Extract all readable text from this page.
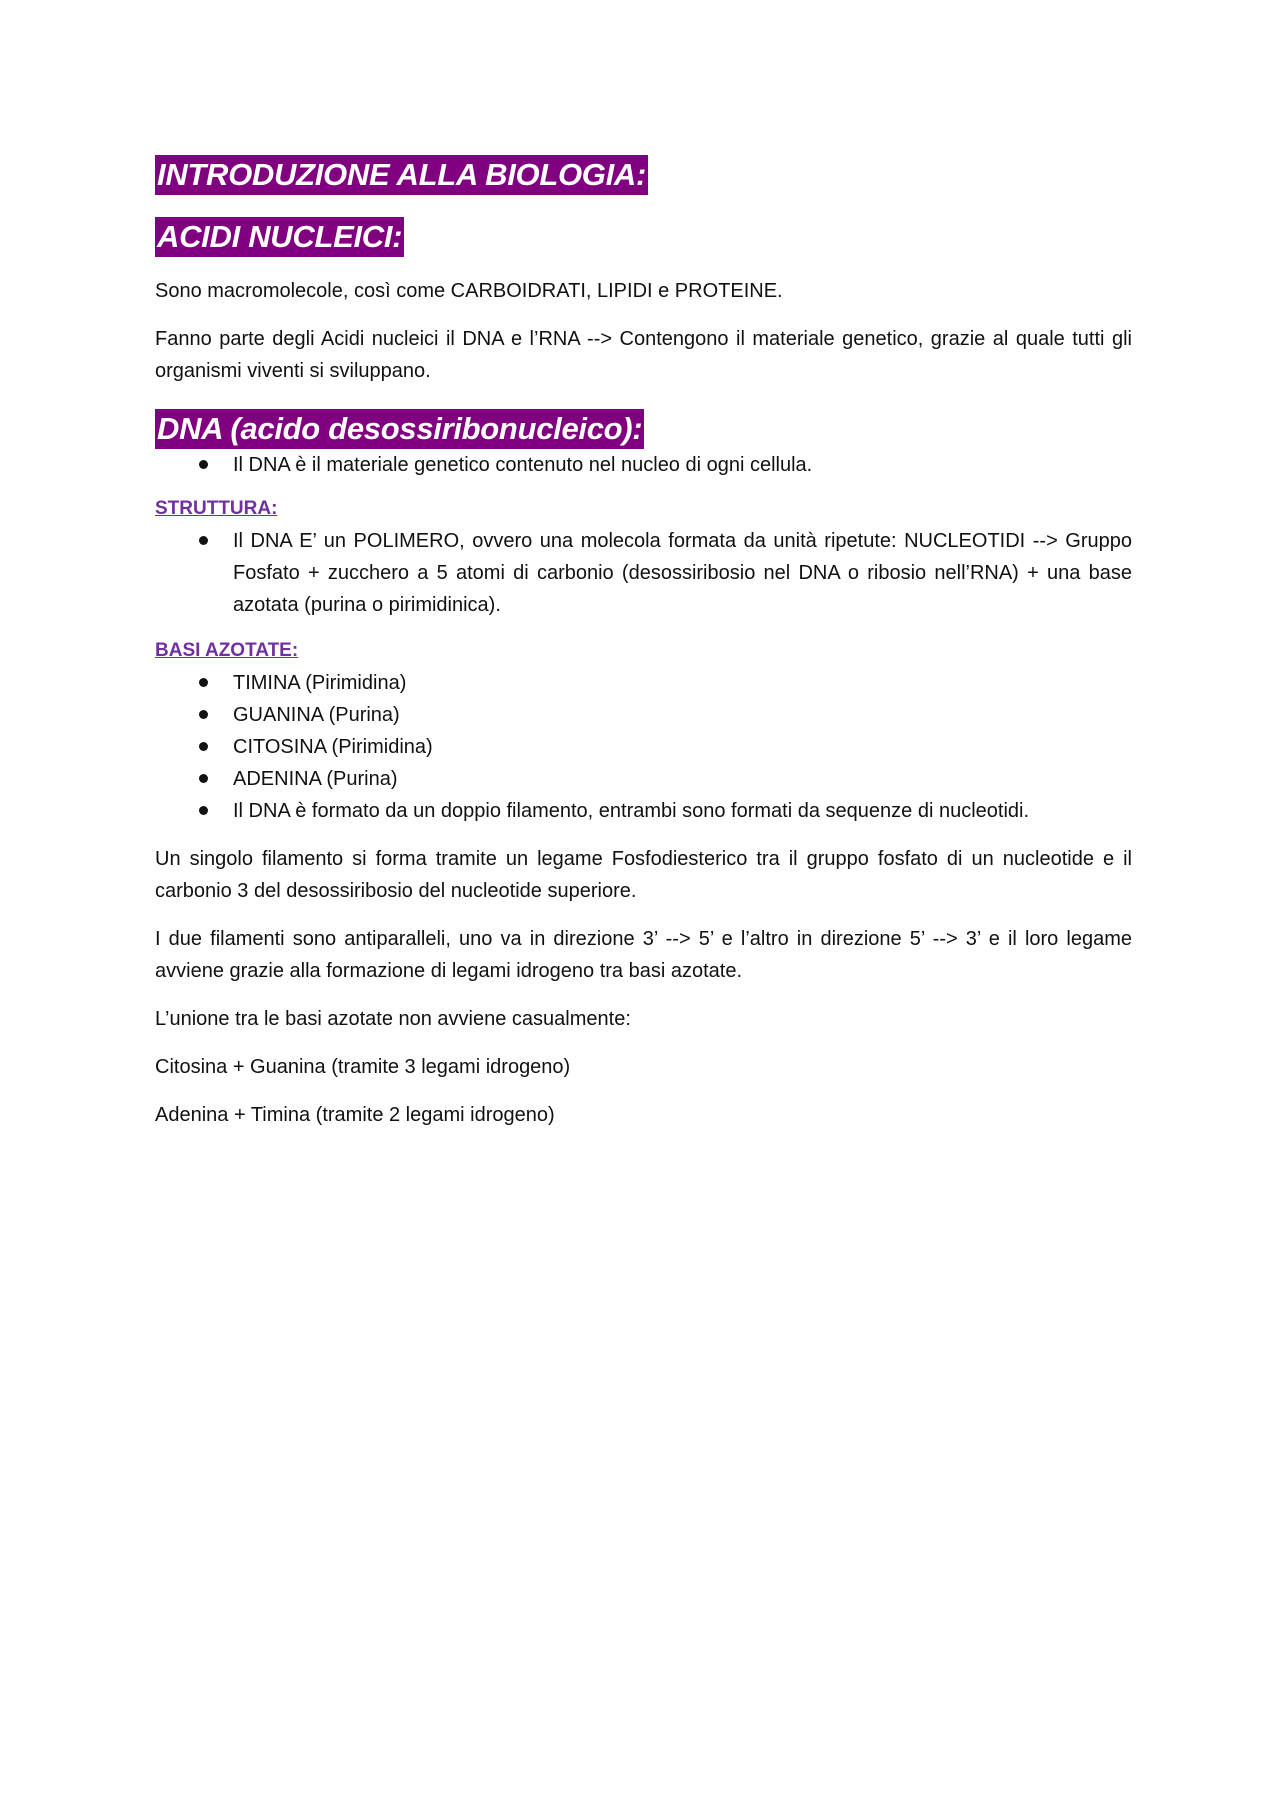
INTRODUZIONE ALLA BIOLOGIA:
ACIDI NUCLEICI:

Sono macromolecole, così come CARBOIDRATI, LIPIDI e PROTEINE.

Fanno parte degli Acidi nucleici il DNA e l’RNA --> Contengono il materiale genetico, grazie al quale tutti gli organismi viventi si sviluppano.

DNA (acido desossiribonucleico):
Il DNA è il materiale genetico contenuto nel nucleo di ogni cellula.
STRUTTURA:
Il DNA E’ un POLIMERO, ovvero una molecola formata da unità ripetute: NUCLEOTIDI --> Gruppo Fosfato + zucchero a 5 atomi di carbonio (desossiribosio nel DNA o ribosio nell’RNA) + una base azotata (purina o pirimidinica).
BASI AZOTATE:
TIMINA (Pirimidina)
GUANINA (Purina)
CITOSINA (Pirimidina)
ADENINA (Purina)
Il DNA è formato da un doppio filamento, entrambi sono formati da sequenze di nucleotidi.

Un singolo filamento si forma tramite un legame Fosfodiesterico tra il gruppo fosfato di un nucleotide e il carbonio 3 del desossiribosio del nucleotide superiore.

I due filamenti sono antiparalleli, uno va in direzione 3’ --> 5’ e l’altro in direzione 5’ --> 3’ e il loro legame avviene grazie alla formazione di legami idrogeno tra basi azotate.

L’unione tra le basi azotate non avviene casualmente:

Citosina + Guanina (tramite 3 legami idrogeno)

Adenina + Timina (tramite 2 legami idrogeno)
